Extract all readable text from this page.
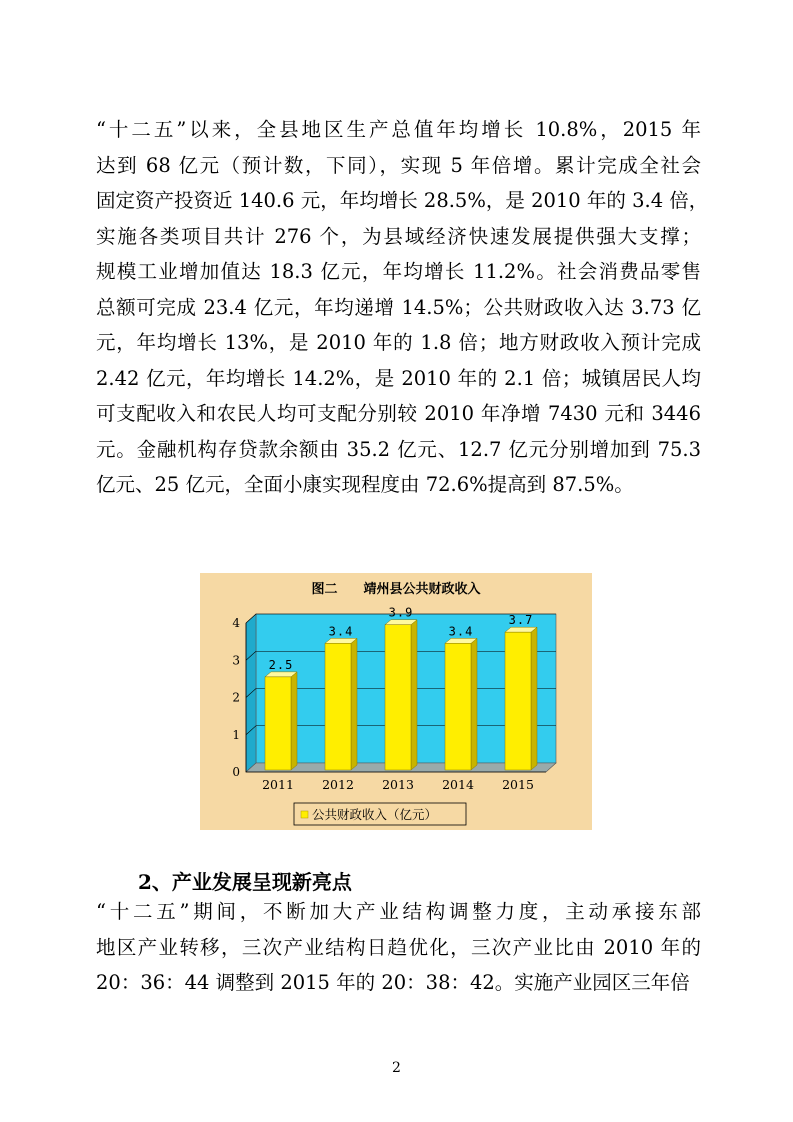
“十二五”以来，全县地区生产总值年均增长 10.8%，2015 年
达到 68 亿元（预计数，下同），实现 5 年倍增。累计完成全社会
固定资产投资近 140.6 元，年均增长 28.5%，是 2010 年的 3.4 倍，
实施各类项目共计 276 个，为县域经济快速发展提供强大支撑；
规模工业增加值达 18.3 亿元，年均增长 11.2%。社会消费品零售
总额可完成 23.4 亿元，年均递增 14.5%；公共财政收入达 3.73 亿
元，年均增长 13%，是 2010 年的 1.8 倍；地方财政收入预计完成
2.42 亿元，年均增长 14.2%，是 2010 年的 2.1 倍；城镇居民人均
可支配收入和农民人均可支配分别较 2010 年净增 7430 元和 3446
元。金融机构存贷款余额由 35.2 亿元、12.7 亿元分别增加到 75.3
亿元、25 亿元，全面小康实现程度由 72.6%提高到 87.5%。
图二　　靖州县公共财政收入
0
1
2
3
4
2.5
2011
3.4
2012
3.9
2013
3.4
2014
3.7
2015
公共财政收入（亿元）

2、产业发展呈现新亮点

“十二五”期间，不断加大产业结构调整力度，主动承接东部
地区产业转移，三次产业结构日趋优化，三次产业比由 2010 年的
20：36：44 调整到 2015 年的 20：38：42。实施产业园区三年倍
2
